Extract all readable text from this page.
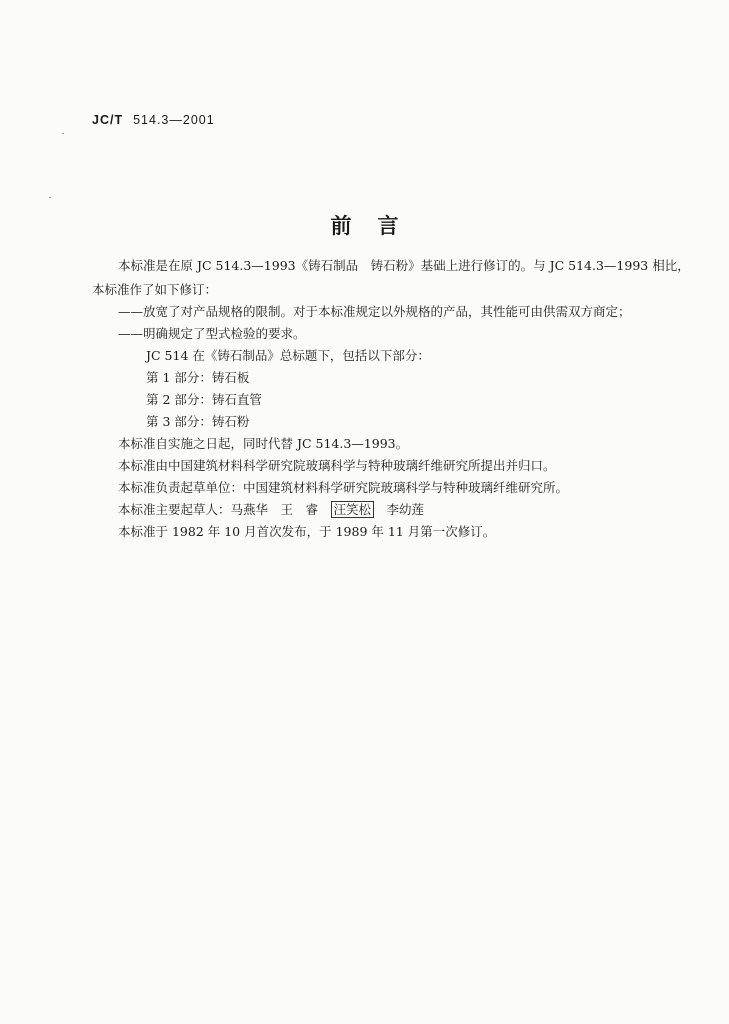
JC/T 514.3—2001
前言
本标准是在原 JC 514.3—1993《铸石制品　铸石粉》基础上进行修订的。与 JC 514.3—1993 相比，
本标准作了如下修订：
——放宽了对产品规格的限制。对于本标准规定以外规格的产品，其性能可由供需双方商定；
——明确规定了型式检验的要求。
JC 514 在《铸石制品》总标题下，包括以下部分：
第 1 部分：铸石板
第 2 部分：铸石直管
第 3 部分：铸石粉
本标准自实施之日起，同时代替 JC 514.3—1993。
本标准由中国建筑材料科学研究院玻璃科学与特种玻璃纤维研究所提出并归口。
本标准负责起草单位：中国建筑材料科学研究院玻璃科学与特种玻璃纤维研究所。
本标准主要起草人：马燕华　王　睿　汪笑松　李幼莲
本标准于 1982 年 10 月首次发布，于 1989 年 11 月第一次修订。
